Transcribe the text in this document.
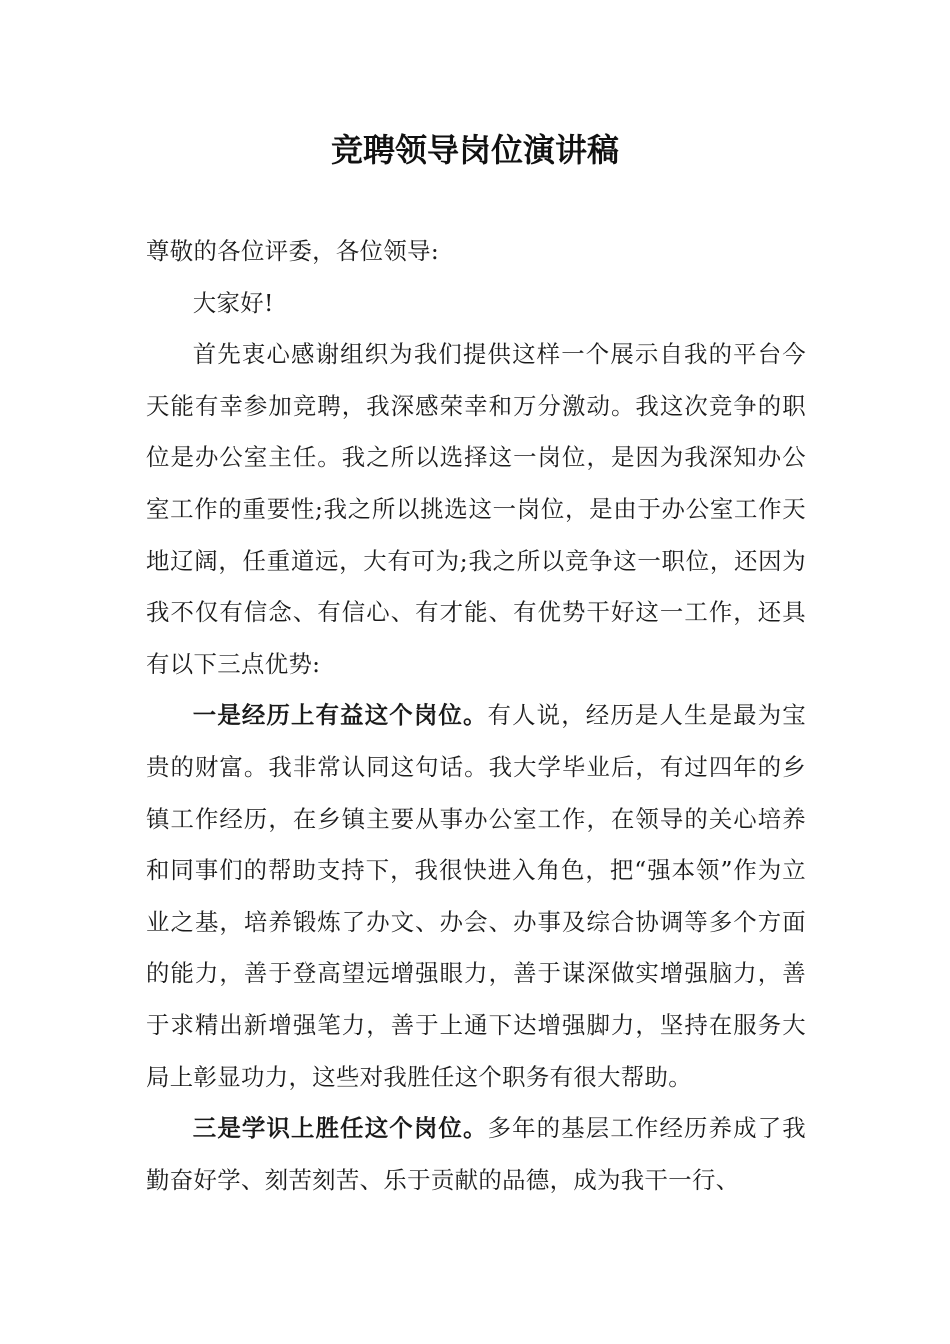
竞聘领导岗位演讲稿

尊敬的各位评委，各位领导:

大家好!

首先衷心感谢组织为我们提供这样一个展示自我的平台今天能有幸参加竞聘，我深感荣幸和万分激动。我这次竞争的职位是办公室主任。我之所以选择这一岗位，是因为我深知办公室工作的重要性;我之所以挑选这一岗位，是由于办公室工作天地辽阔，任重道远，大有可为;我之所以竞争这一职位，还因为我不仅有信念、有信心、有才能、有优势干好这一工作，还具有以下三点优势:

一是经历上有益这个岗位。有人说，经历是人生是最为宝贵的财富。我非常认同这句话。我大学毕业后，有过四年的乡镇工作经历，在乡镇主要从事办公室工作，在领导的关心培养和同事们的帮助支持下，我很快进入角色，把“强本领”作为立业之基，培养锻炼了办文、办会、办事及综合协调等多个方面的能力，善于登高望远增强眼力，善于谋深做实增强脑力，善于求精出新增强笔力，善于上通下达增强脚力，坚持在服务大局上彰显功力，这些对我胜任这个职务有很大帮助。

三是学识上胜任这个岗位。多年的基层工作经历养成了我勤奋好学、刻苦刻苦、乐于贡献的品德，成为我干一行、
